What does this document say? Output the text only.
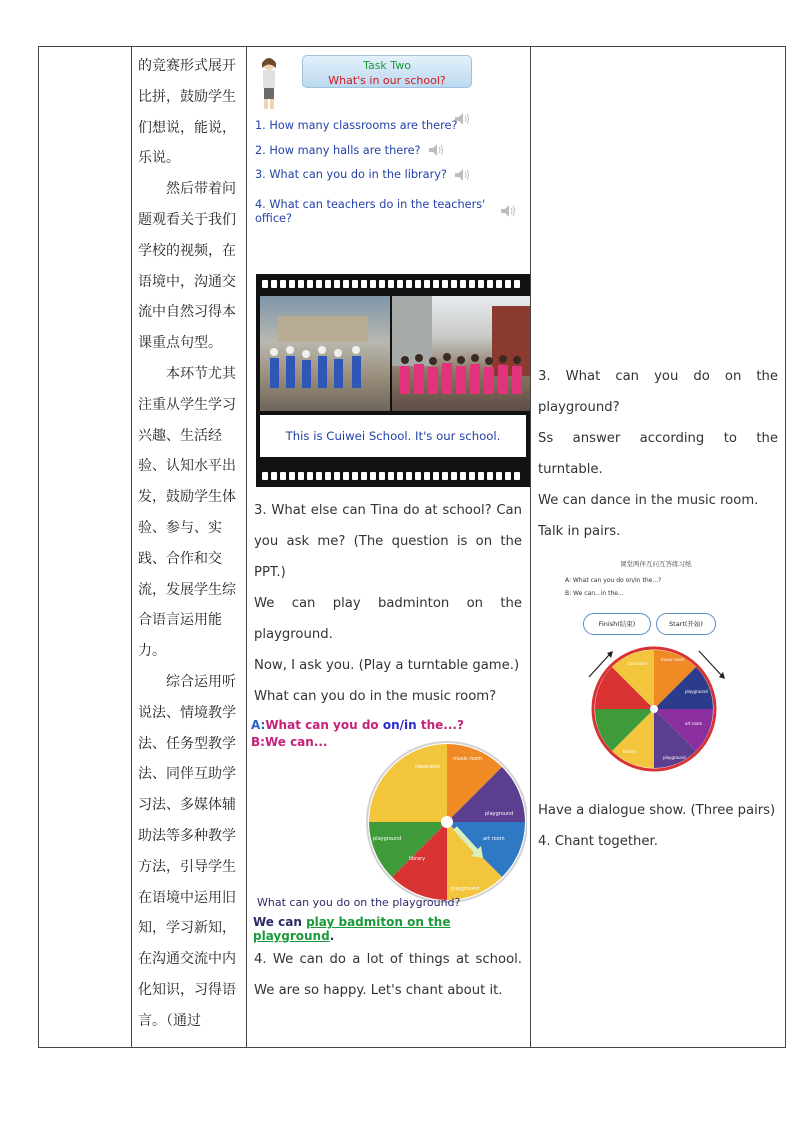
的竞赛形式展开比拼，鼓励学生们想说，能说，乐说。

然后带着问题观看关于我们学校的视频，在语境中，沟通交流中自然习得本课重点句型。

本环节尤其注重从学生学习兴趣、生活经验、认知水平出发，鼓励学生体验、参与、实践、合作和交流，发展学生综合语言运用能力。

综合运用听说法、情境教学法、任务型教学法、同伴互助学习法、多媒体辅助法等多种教学方法，引导学生在语境中运用旧知，学习新知，在沟通交流中内化知识，习得语言。（通过

Task Two
What's in our school?
1. How many classrooms are there?
2. How many halls are there?
3. What can you do in the library?
4. What can teachers do in the teachers' office?
This is Cuiwei School. It's our school.
3. What else can Tina do at school? Can you ask me? (The question is on the PPT.)
We can play badminton on the playground.
Now, I ask you. (Play a turntable game.)
What can you do in the music room?
A:What can you do on/in the...?
B:We can...
classroom
music room
playground
art room
playground
library
playground
What can you do on the playground?
We can play badmiton on the playground.
4. We can do a lot of things at school. We are so happy. Let's chant about it.

3. What can you do on the playground?
Ss answer according to the turntable.
We can dance in the music room.
Talk in pairs.
课堂两伴互问互答练习纸
A: What can you do on/in the...?
B: We can...in the...
Finish(结束)	Start(开始)
classroom
music room
playground
art room
library
playground
Have a dialogue show. (Three pairs)
4. Chant together.
